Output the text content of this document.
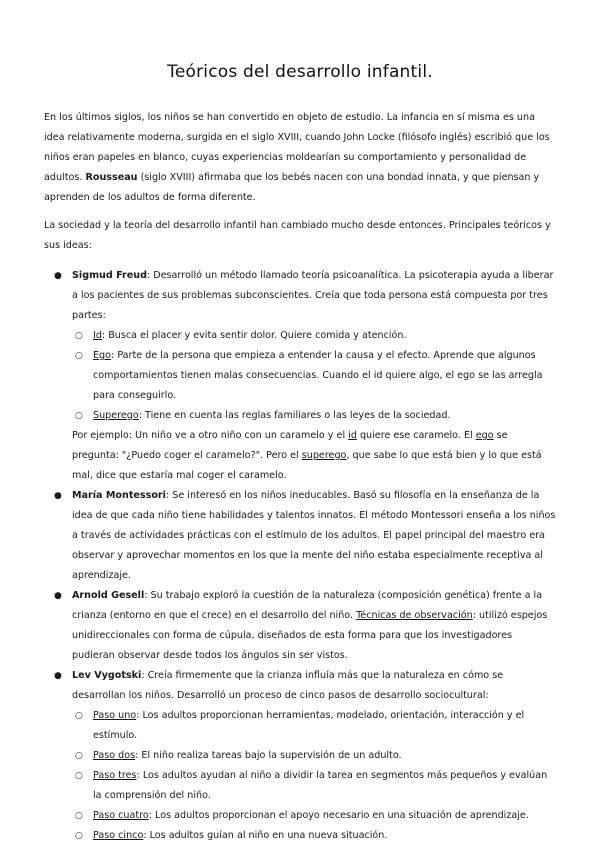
Teóricos del desarrollo infantil.

En los últimos siglos, los niños se han convertido en objeto de estudio. La infancia en sí misma es una idea relativamente moderna, surgida en el siglo XVIII, cuando John Locke (filósofo inglés) escribió que los niños eran papeles en blanco, cuyas experiencias moldearían su comportamiento y personalidad de adultos. Rousseau (siglo XVIII) afirmaba que los bebés nacen con una bondad innata, y que piensan y aprenden de los adultos de forma diferente.

La sociedad y la teoría del desarrollo infantil han cambiado mucho desde entonces. Principales teóricos y sus ideas:

● Sigmud Freud: Desarrolló un método llamado teoría psicoanalítica. La psicoterapia ayuda a liberar a los pacientes de sus problemas subconscientes. Creía que toda persona está compuesta por tres partes:
○ Id: Busca el placer y evita sentir dolor. Quiere comida y atención.
○ Ego: Parte de la persona que empieza a entender la causa y el efecto. Aprende que algunos comportamientos tienen malas consecuencias. Cuando el id quiere algo, el ego se las arregla para conseguirlo.
○ Superego: Tiene en cuenta las reglas familiares o las leyes de la sociedad.
Por ejemplo: Un niño ve a otro niño con un caramelo y el id quiere ese caramelo. El ego se pregunta: "¿Puedo coger el caramelo?". Pero el superego, que sabe lo que está bien y lo que está mal, dice que estaría mal coger el caramelo.
● María Montessori: Se interesó en los niños ineducables. Basó su filosofía en la enseñanza de la idea de que cada niño tiene habilidades y talentos innatos. El método Montessori enseña a los niños a través de actividades prácticas con el estímulo de los adultos. El papel principal del maestro era observar y aprovechar momentos en los que la mente del niño estaba especialmente receptiva al aprendizaje.
● Arnold Gesell: Su trabajo exploró la cuestión de la naturaleza (composición genética) frente a la crianza (entorno en que el crece) en el desarrollo del niño. Técnicas de observación: utilizó espejos unidireccionales con forma de cúpula, diseñados de esta forma para que los investigadores pudieran observar desde todos los ángulos sin ser vistos.
● Lev Vygotski: Creía firmemente que la crianza influía más que la naturaleza en cómo se desarrollan los niños. Desarrolló un proceso de cinco pasos de desarrollo sociocultural:
○ Paso uno: Los adultos proporcionan herramientas, modelado, orientación, interacción y el estímulo.
○ Paso dos: El niño realiza tareas bajo la supervisión de un adulto.
○ Paso tres: Los adultos ayudan al niño a dividir la tarea en segmentos más pequeños y evalúan la comprensión del niño.
○ Paso cuatro: Los adultos proporcionan el apoyo necesario en una situación de aprendizaje.
○ Paso cinco: Los adultos guían al niño en una nueva situación.
